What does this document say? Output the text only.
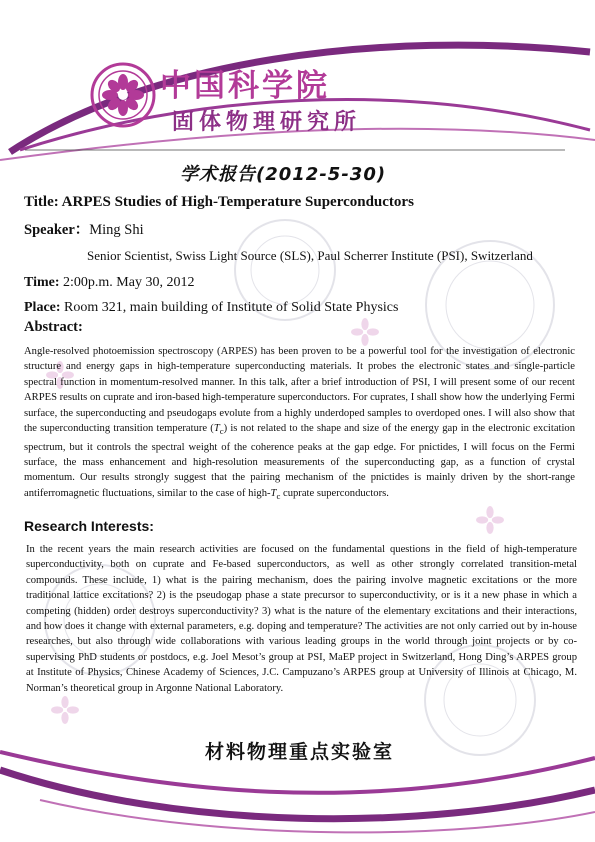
中国科学院
固体物理研究所
学术报告(2012-5-30)
Title: ARPES Studies of High-Temperature Superconductors
Speaker：Ming Shi
Senior Scientist, Swiss Light Source (SLS), Paul Scherrer Institute (PSI), Switzerland
Time: 2:00p.m. May 30, 2012
Place: Room 321, main building of Institute of Solid State Physics
Abstract:
Angle-resolved photoemission spectroscopy (ARPES) has been proven to be a powerful tool for the investigation of electronic structure and energy gaps in high-temperature superconducting materials. It probes the electronic states and single-particle spectral function in momentum-resolved manner. In this talk, after a brief introduction of PSI, I will present some of our recent ARPES results on cuprate and iron-based high-temperature superconductors. For cuprates, I shall show how the underlying Fermi surface, the superconducting and pseudogaps evolute from a highly underdoped samples to overdoped ones. I will also show that the superconducting transition temperature $(T_c)$ is not related to the shape and size of the energy gap in the electronic excitation spectrum, but it controls the spectral weight of the coherence peaks at the gap edge. For pnictides, I will focus on the Fermi surface, the mass enhancement and high-resolution measurements of the superconducting gap, as a function of crystal momentum. Our results strongly suggest that the pairing mechanism of the pnictides is mainly driven by the short-range antiferromagnetic fluctuations, similar to the case of high-$T_c$ cuprate superconductors.
Research Interests:
In the recent years the main research activities are focused on the fundamental questions in the field of high-temperature superconductivity, both on cuprate and Fe-based superconductors, as well as other strongly correlated transition-metal compounds. These include, 1) what is the pairing mechanism, does the pairing involve magnetic excitations or the more traditional lattice excitations? 2) is the pseudogap phase a state precursor to superconductivity, or is it a new phase in which a competing (hidden) order destroys superconductivity? 3) what is the nature of the elementary excitations and their interactions, and how does it change with external parameters, e.g. doping and temperature? The activities are not only carried out by in-house researches, but also through wide collaborations with various leading groups in the world through joint projects or by co-supervising PhD students or postdocs, e.g. Joel Mesot’s group at PSI, MaEP project in Switzerland, Hong Ding’s ARPES group at Institute of Physics, Chinese Academy of Sciences, J.C. Campuzano’s ARPES group at University of Illinois at Chicago, M. Norman’s theoretical group in Argonne National Laboratory.
材料物理重点实验室
